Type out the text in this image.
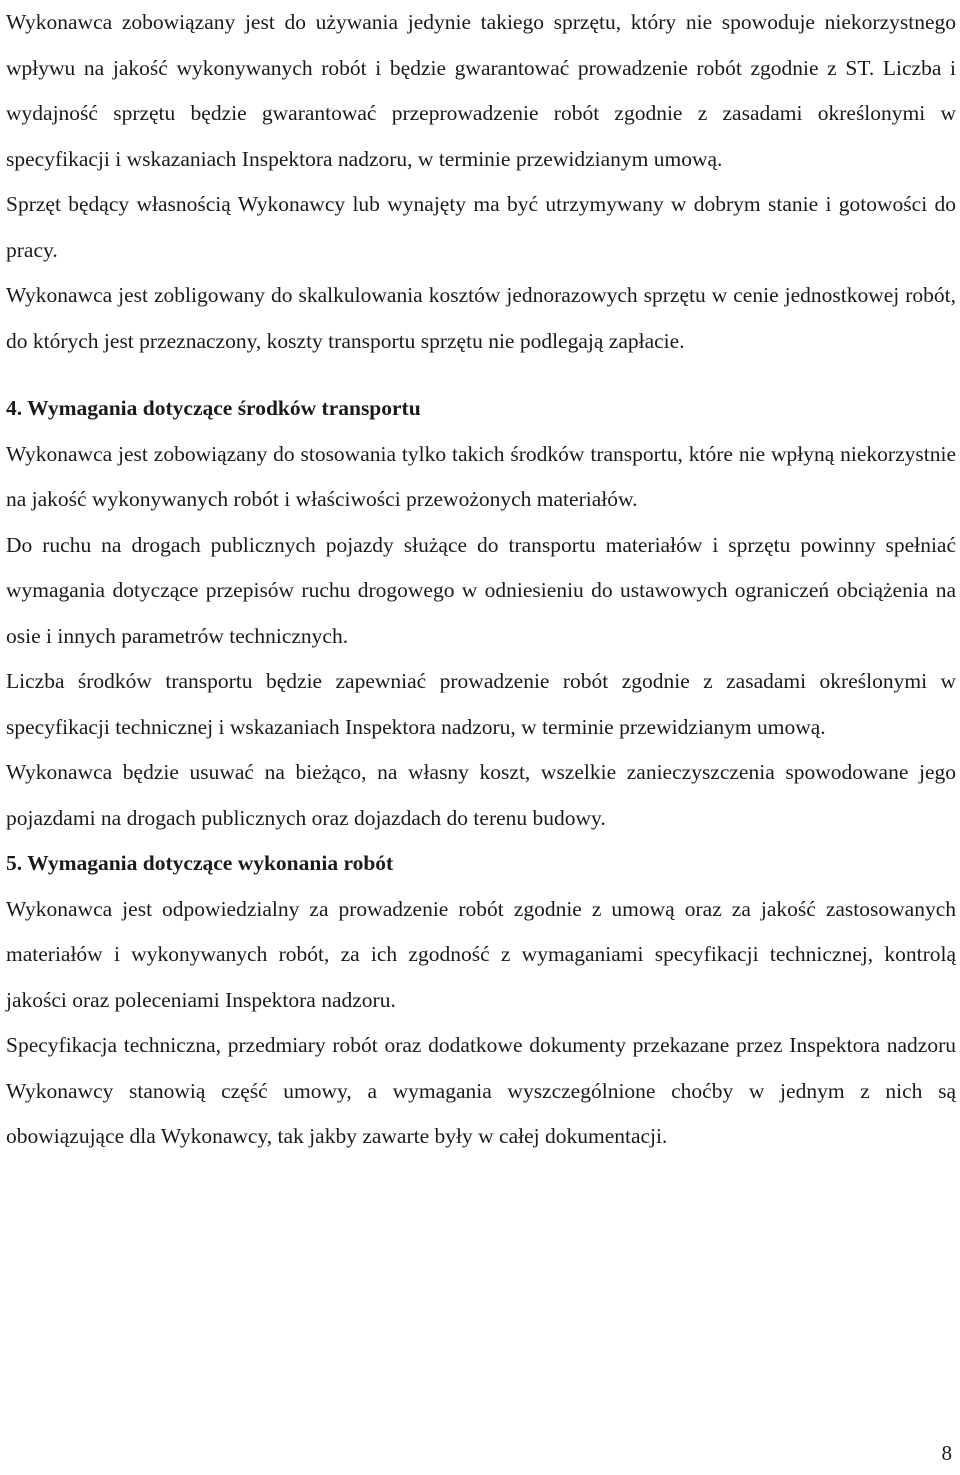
Wykonawca zobowiązany jest do używania jedynie takiego sprzętu, który nie spowoduje niekorzystnego wpływu na jakość wykonywanych robót i będzie gwarantować prowadzenie robót zgodnie z ST. Liczba i wydajność sprzętu będzie gwarantować przeprowadzenie robót zgodnie z zasadami określonymi w specyfikacji i wskazaniach Inspektora nadzoru, w terminie przewidzianym umową.

Sprzęt będący własnością Wykonawcy lub wynajęty ma być utrzymywany w dobrym stanie i gotowości do pracy.

Wykonawca jest zobligowany do skalkulowania kosztów jednorazowych sprzętu w cenie jednostkowej robót, do których jest przeznaczony, koszty transportu sprzętu nie podlegają zapłacie.

4. Wymagania dotyczące środków transportu

Wykonawca jest zobowiązany do stosowania tylko takich środków transportu, które nie wpłyną niekorzystnie na jakość wykonywanych robót i właściwości przewożonych materiałów.

Do ruchu na drogach publicznych pojazdy służące do transportu materiałów i sprzętu powinny spełniać wymagania dotyczące przepisów ruchu drogowego w odniesieniu do ustawowych ograniczeń obciążenia na osie i innych parametrów technicznych.

Liczba środków transportu będzie zapewniać prowadzenie robót zgodnie z zasadami określonymi w specyfikacji technicznej i wskazaniach Inspektora nadzoru, w terminie przewidzianym umową.

Wykonawca będzie usuwać na bieżąco, na własny koszt, wszelkie zanieczyszczenia spowodowane jego pojazdami na drogach publicznych oraz dojazdach do terenu budowy.

5. Wymagania dotyczące wykonania robót

Wykonawca jest odpowiedzialny za prowadzenie robót zgodnie z umową oraz za jakość zastosowanych materiałów i wykonywanych robót, za ich zgodność z wymaganiami specyfikacji technicznej, kontrolą jakości oraz poleceniami Inspektora nadzoru.

Specyfikacja techniczna, przedmiary robót oraz dodatkowe dokumenty przekazane przez Inspektora nadzoru Wykonawcy stanowią część umowy, a wymagania wyszczególnione choćby w jednym z nich są obowiązujące dla Wykonawcy, tak jakby zawarte były w całej dokumentacji.

8
